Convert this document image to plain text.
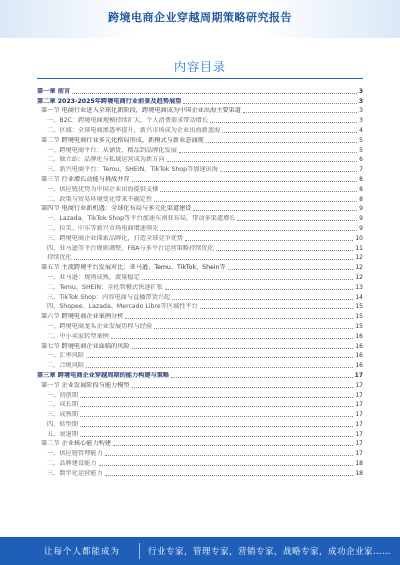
跨境电商企业穿越周期策略研究报告
内容目录
第一章 前言	3
第二章 2023-2025年跨境电商行业前景及趋势展望	3
第一节 电商行业进入全球化新阶段，跨境电商成为中国企业出海主要渠道	3
一、B2C：跨境电商规模持续扩大，个人消费需求带动增长	3
二、区域：全球电商渗透率提升，新兴市场成为企业出海新蓝海	4
第二节 跨境电商行业多元化格局形成，新模式与新业态涌现	5
一、跨境电商平台：从铺货、精品到品牌化发展	5
二、独立站：品牌化与私域运营成为新方向	6
三、新兴电商平台：Temu、SHEIN、TikTok Shop等加速出海	7
第三节 行业增长动能与挑战并存	8
一、供应链优势为中国企业出海提供支撑	8
二、政策与贸易环境变化带来不确定性	8
第四节 电商行业新机遇：全球化布局与多元化渠道建设	9
一、Lazada、TikTok Shop等平台加速东南亚布局，带动多渠道增长	9
二、拉美、中东等新兴市场电商增速领先	9
三、跨境电商企业探索品牌化，打造全球竞争优势	10
四、亚马逊等平台规则调整，FBA与多平台运营策略持续优化	11
持续优化	12
第五节 主流跨境平台发展对比：亚马逊、Temu、TikTok、Shein等	12
一、亚马逊：规则成熟，流量稳定	12
二、Temu、SHEIN：全托管模式快速扩张	13
三、TikTok Shop：内容电商与直播带货兴起	14
四、Shopee、Lazada、Mercado Libre等区域性平台	15
第六节 跨境电商企业案例分析	15
一、跨境电商龙头企业发展历程与经验	15
二、中小卖家转型案例	16
第七节 跨境电商企业面临的风险	16
一、汇率风险	16
二、合规风险	16
第三章 跨境电商企业穿越周期的能力构建与策略	17
第一节 企业发展阶段与能力模型	17
一、初创期	17
二、成长期	17
三、成熟期	17
四、转型期	17
五、衰退期	17
第二节 企业核心能力构建	17
一、供应链管理能力	17
二、品牌建设能力	18
三、数字化运营能力	18
让每个人都能成为	行业专家，管理专家，营销专家，战略专家，成功企业家……
